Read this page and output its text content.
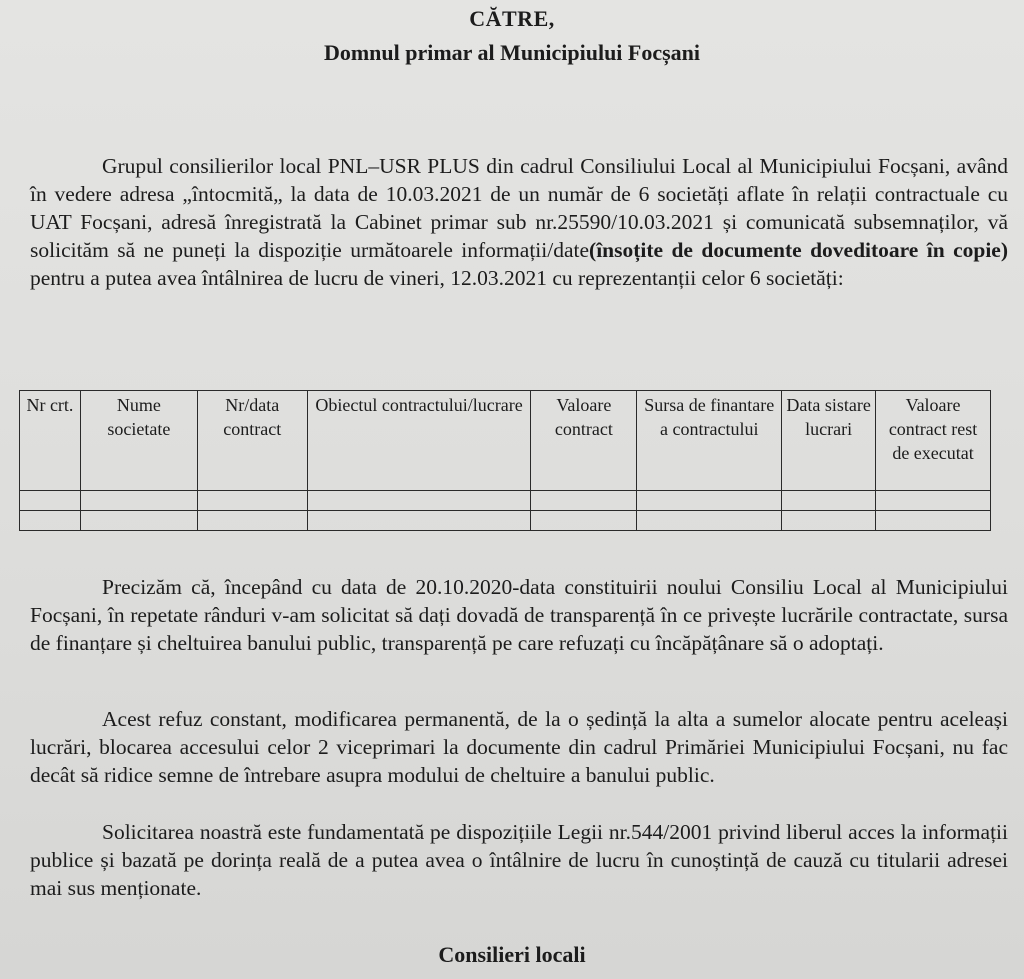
CĂTRE,
Domnul primar al Municipiului Focșani
Grupul consilierilor local PNL–USR PLUS din cadrul Consiliului Local al Municipiului Focșani, având în vedere adresa „întocmită„ la data de 10.03.2021 de un număr de 6 societăți aflate în relații contractuale cu UAT Focșani, adresă înregistrată la Cabinet primar sub nr.25590/10.03.2021 și comunicată subsemnaților, vă solicităm să ne puneți la dispoziție următoarele informații/date(însoțite de documente doveditoare în copie) pentru a putea avea întâlnirea de lucru de vineri, 12.03.2021 cu reprezentanții celor 6 societăți:
Nr crt.	Nume societate	Nr/data contract	Obiectul contractului/lucrare	Valoare contract	Sursa de finantare a contractului	Data sistare lucrari	Valoare contract rest de executat

Precizăm că, începând cu data de 20.10.2020-data constituirii noului Consiliu Local al Municipiului Focșani, în repetate rânduri v-am solicitat să dați dovadă de transparență în ce privește lucrările contractate, sursa de finanțare și cheltuirea banului public, transparență pe care refuzați cu încăpățânare să o adoptați.
Acest refuz constant, modificarea permanentă, de la o ședință la alta a sumelor alocate pentru aceleași lucrări, blocarea accesului celor 2 viceprimari la documente din cadrul Primăriei Municipiului Focșani, nu fac decât să ridice semne de întrebare asupra modului de cheltuire a banului public.
Solicitarea noastră este fundamentată pe dispozițiile Legii nr.544/2001 privind liberul acces la informații publice și bazată pe dorința reală de a putea avea o întâlnire de lucru în cunoștință de cauză cu titularii adresei mai sus menționate.
Consilieri locali
